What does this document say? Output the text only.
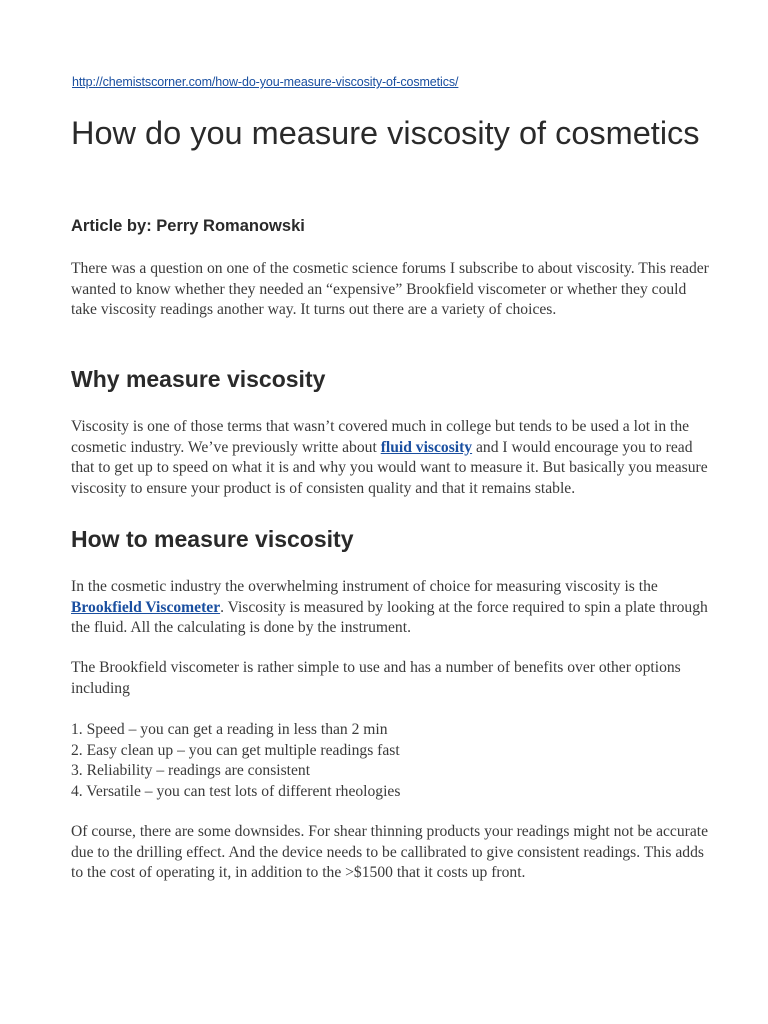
http://chemistscorner.com/how-do-you-measure-viscosity-of-cosmetics/
How do you measure viscosity of cosmetics

Article by: Perry Romanowski

There was a question on one of the cosmetic science forums I subscribe to about viscosity. This reader wanted to know whether they needed an “expensive” Brookfield viscometer or whether they could take viscosity readings another way. It turns out there are a variety of choices.

Why measure viscosity

Viscosity is one of those terms that wasn’t covered much in college but tends to be used a lot in the cosmetic industry. We’ve previously writte about fluid viscosity and I would encourage you to read that to get up to speed on what it is and why you would want to measure it. But basically you measure viscosity to ensure your product is of consisten quality and that it remains stable.

How to measure viscosity

In the cosmetic industry the overwhelming instrument of choice for measuring viscosity is the Brookfield Viscometer. Viscosity is measured by looking at the force required to spin a plate through the fluid. All the calculating is done by the instrument.

The Brookfield viscometer is rather simple to use and has a number of benefits over other options including

1. Speed – you can get a reading in less than 2 min
2. Easy clean up – you can get multiple readings fast
3. Reliability – readings are consistent
4. Versatile – you can test lots of different rheologies

Of course, there are some downsides. For shear thinning products your readings might not be accurate due to the drilling effect. And the device needs to be callibrated to give consistent readings. This adds to the cost of operating it, in addition to the >$1500 that it costs up front.
